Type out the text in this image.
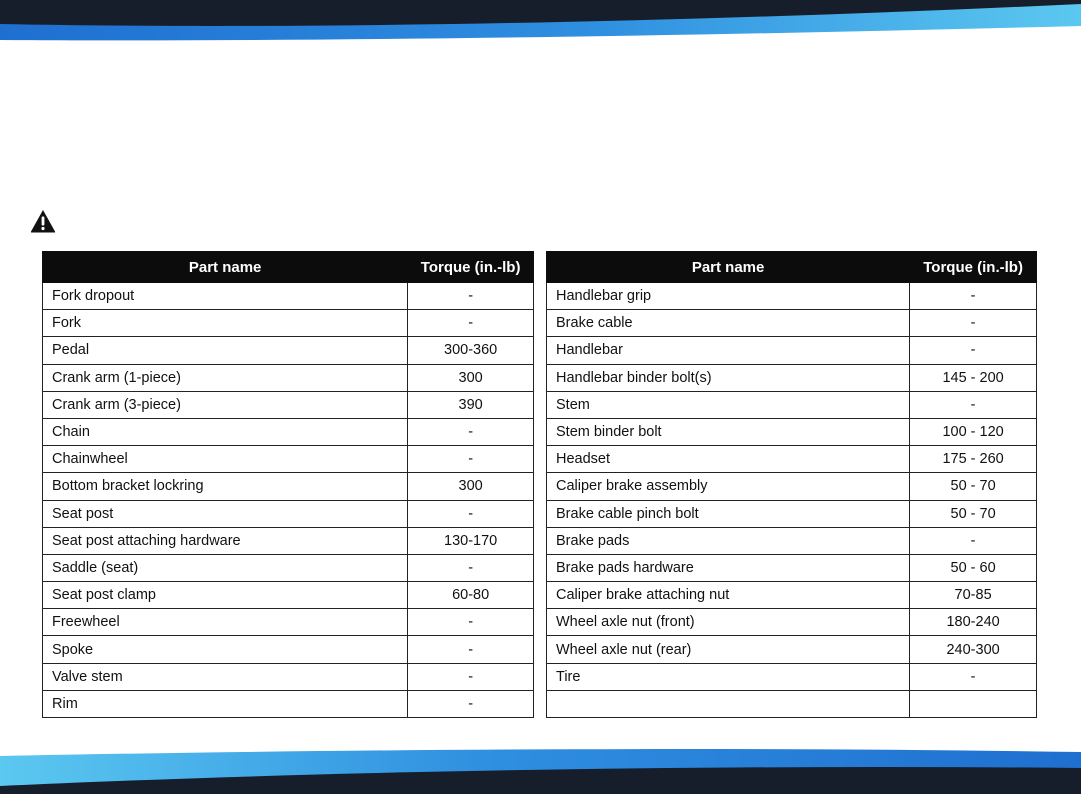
Part name	Torque (in.-lb)
Fork dropout	-
Fork	-
Pedal	300-360
Crank arm (1-piece)	300
Crank arm (3-piece)	390
Chain	-
Chainwheel	-
Bottom bracket lockring	300
Seat post	-
Seat post attaching hardware	130-170
Saddle (seat)	-
Seat post clamp	60-80
Freewheel	-
Spoke	-
Valve stem	-
Rim	-
Part name	Torque (in.-lb)
Handlebar grip	-
Brake cable	-
Handlebar	-
Handlebar binder bolt(s)	145 - 200
Stem	-
Stem binder bolt	100 - 120
Headset	175 - 260
Caliper brake assembly	50 - 70
Brake cable pinch bolt	50 - 70
Brake pads	-
Brake pads hardware	50 - 60
Caliper brake attaching nut	70-85
Wheel axle nut (front)	180-240
Wheel axle nut (rear)	240-300
Tire	-
